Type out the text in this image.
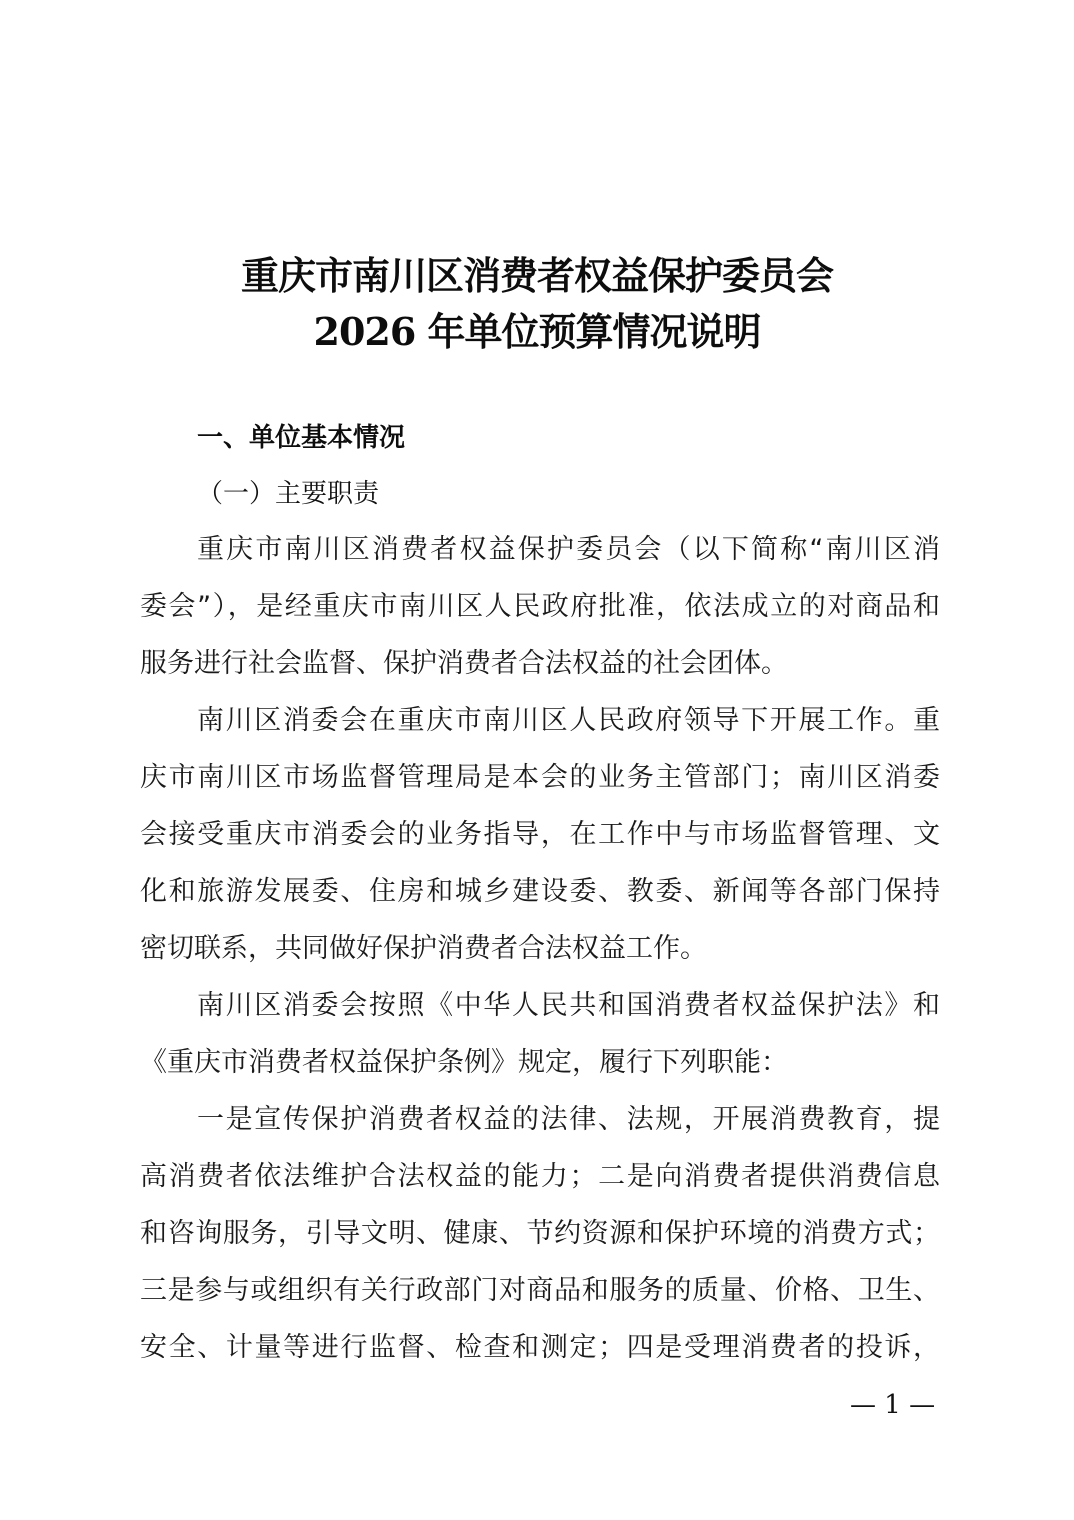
重庆市南川区消费者权益保护委员会
2026 年单位预算情况说明
一、单位基本情况
（一）主要职责
重庆市南川区消费者权益保护委员会（以下简称“南川区消
委会”），是经重庆市南川区人民政府批准，依法成立的对商品和
服务进行社会监督、保护消费者合法权益的社会团体。
南川区消委会在重庆市南川区人民政府领导下开展工作。重
庆市南川区市场监督管理局是本会的业务主管部门；南川区消委
会接受重庆市消委会的业务指导，在工作中与市场监督管理、文
化和旅游发展委、住房和城乡建设委、教委、新闻等各部门保持
密切联系，共同做好保护消费者合法权益工作。
南川区消委会按照《中华人民共和国消费者权益保护法》和
《重庆市消费者权益保护条例》规定，履行下列职能：
一是宣传保护消费者权益的法律、法规，开展消费教育，提
高消费者依法维护合法权益的能力；二是向消费者提供消费信息
和咨询服务，引导文明、健康、节约资源和保护环境的消费方式；
三是参与或组织有关行政部门对商品和服务的质量、价格、卫生、
安全、计量等进行监督、检查和测定；四是受理消费者的投诉，
— 1 —
